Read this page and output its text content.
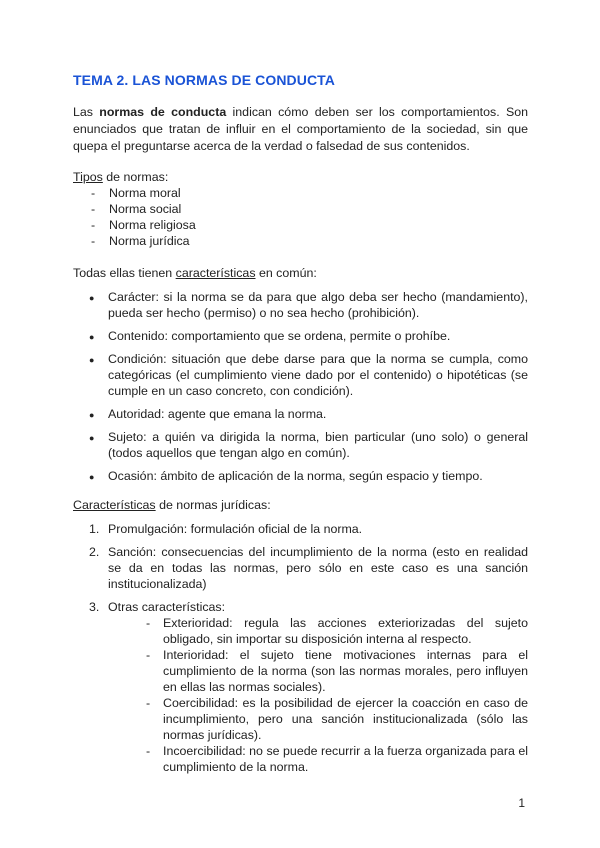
TEMA 2. LAS NORMAS DE CONDUCTA

Las normas de conducta indican cómo deben ser los comportamientos. Son enunciados que tratan de influir en el comportamiento de la sociedad, sin que quepa el preguntarse acerca de la verdad o falsedad de sus contenidos.

Tipos de normas:
- Norma moral
- Norma social
- Norma religiosa
- Norma jurídica
Todas ellas tienen características en común:
● Carácter: si la norma se da para que algo deba ser hecho (mandamiento), pueda ser hecho (permiso) o no sea hecho (prohibición).
● Contenido: comportamiento que se ordena, permite o prohíbe.
● Condición: situación que debe darse para que la norma se cumpla, como categóricas (el cumplimiento viene dado por el contenido) o hipotéticas (se cumple en un caso concreto, con condición).
● Autoridad: agente que emana la norma.
● Sujeto: a quién va dirigida la norma, bien particular (uno solo) o general (todos aquellos que tengan algo en común).
● Ocasión: ámbito de aplicación de la norma, según espacio y tiempo.
Características de normas jurídicas:
1. Promulgación: formulación oficial de la norma.
2. Sanción: consecuencias del incumplimiento de la norma (esto en realidad se da en todas las normas, pero sólo en este caso es una sanción institucionalizada)
3. Otras características:
- Exterioridad: regula las acciones exteriorizadas del sujeto obligado, sin importar su disposición interna al respecto.
- Interioridad: el sujeto tiene motivaciones internas para el cumplimiento de la norma (son las normas morales, pero influyen en ellas las normas sociales).
- Coercibilidad: es la posibilidad de ejercer la coacción en caso de incumplimiento, pero una sanción institucionalizada (sólo las normas jurídicas).
- Incoercibilidad: no se puede recurrir a la fuerza organizada para el cumplimiento de la norma.
1
